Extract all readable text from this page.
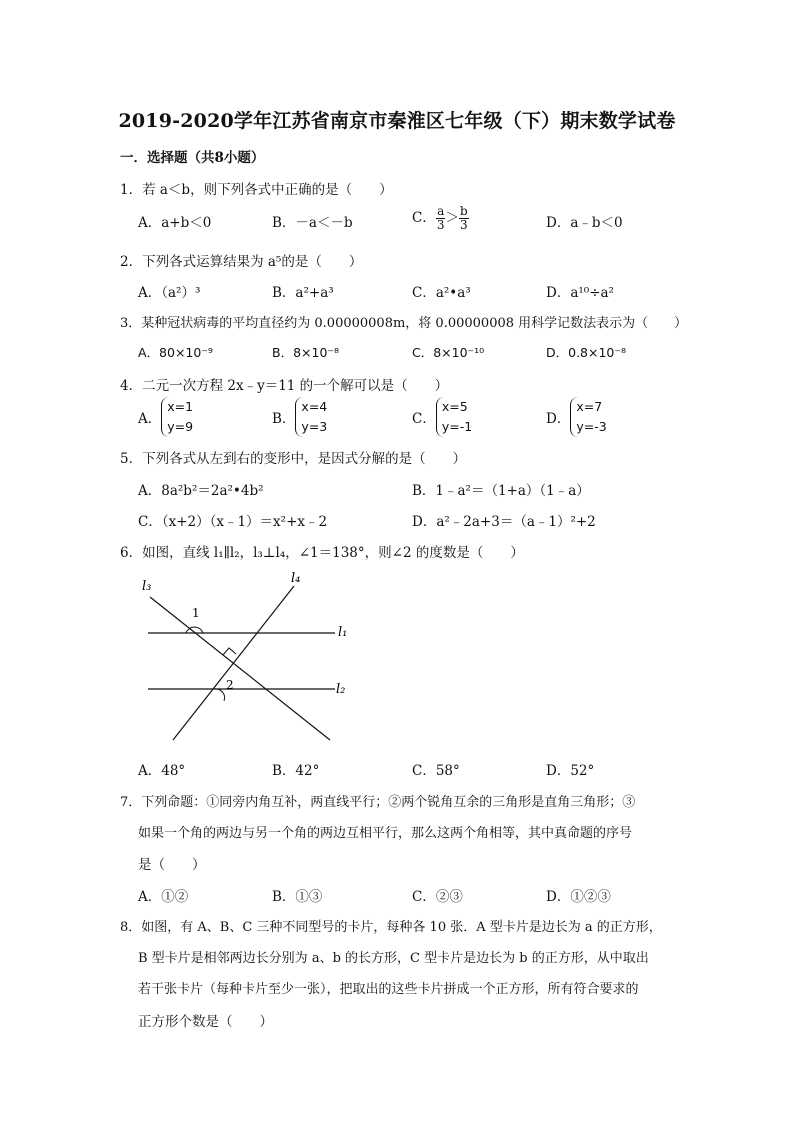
2019-2020学年江苏省南京市秦淮区七年级（下）期末数学试卷
一．选择题（共8小题）
1．若 a＜b，则下列各式中正确的是（　　）
A．a+b＜0	B．－a＜－b	C． $\frac{a}{3} > \frac{b}{3}$	D．a﹣b＜0
2．下列各式运算结果为 a⁵的是（　　）
A．（a²）³	B．a²+a³	C．a²•a³	D．a¹⁰÷a²
3．某种冠状病毒的平均直径约为 0.00000008m，将 0.00000008 用科学记数法表示为（　　）
A．80×10⁻⁹	B．8×10⁻⁸	C．8×10⁻¹⁰	D．0.8×10⁻⁸
4．二元一次方程 2x﹣y＝11 的一个解可以是（　　）
A．
x=1
y=9	B．
x=4
y=3	C．
x=5
y=-1	D．
x=7
y=-3
5．下列各式从左到右的变形中，是因式分解的是（　　）
A．8a²b²＝2a²•4b²	B．1﹣a²＝（1+a）（1﹣a）
C．（x+2）（x﹣1）＝x²+x﹣2	D．a²﹣2a+3＝（a﹣1）²+2
6．如图，直线 l₁∥l₂，l₃⊥l₄，∠1＝138°，则∠2 的度数是（　　）
l₃
l₄
l₁
l₂
1
2
A．48°	B．42°	C．58°	D．52°
7．下列命题：①同旁内角互补，两直线平行；②两个锐角互余的三角形是直角三角形；③
如果一个角的两边与另一个角的两边互相平行，那么这两个角相等，其中真命题的序号
是（　　）
A．①②	B．①③	C．②③	D．①②③
8．如图，有 A、B、C 三种不同型号的卡片，每种各 10 张．A 型卡片是边长为 a 的正方形，
B 型卡片是相邻两边长分别为 a、b 的长方形，C 型卡片是边长为 b 的正方形，从中取出
若干张卡片（每种卡片至少一张），把取出的这些卡片拼成一个正方形，所有符合要求的
正方形个数是（　　）
